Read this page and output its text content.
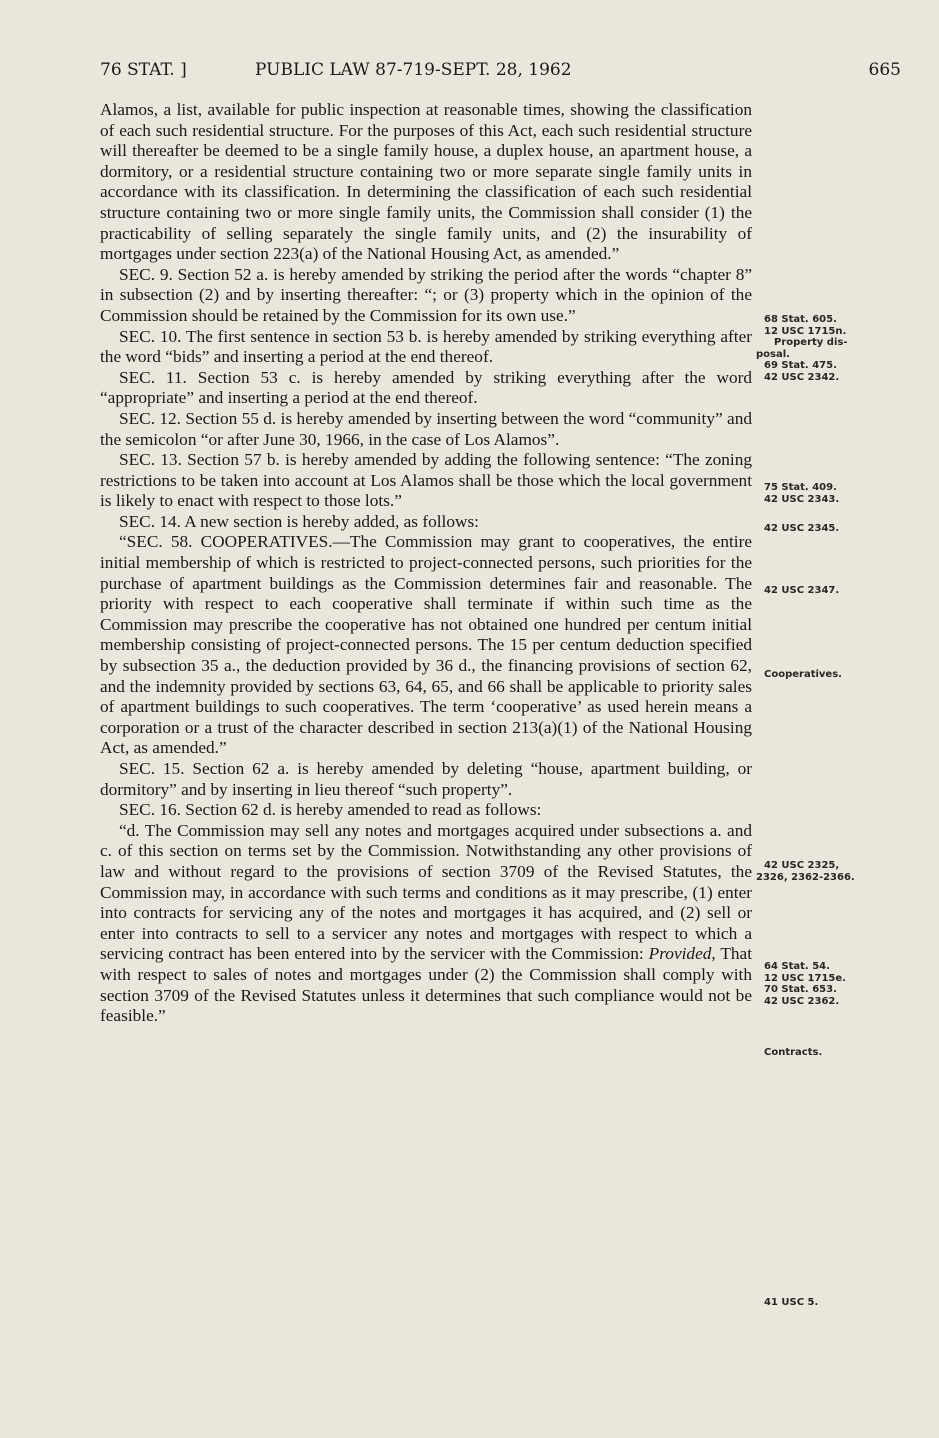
76 STAT. ]	PUBLIC LAW 87-719-SEPT. 28, 1962	665

Alamos, a list, available for public inspection at reasonable times, showing the classification of each such residential structure. For the purposes of this Act, each such residential structure will thereafter be deemed to be a single family house, a duplex house, an apartment house, a dormitory, or a residential structure containing two or more separate single family units in accordance with its classification. In determining the classification of each such residential structure containing two or more single family units, the Commission shall consider (1) the practicability of selling separately the single family units, and (2) the insurability of mortgages under section 223(a) of the National Housing Act, as amended.”

SEC. 9. Section 52 a. is hereby amended by striking the period after the words “chapter 8” in subsection (2) and by inserting thereafter: “; or (3) property which in the opinion of the Commission should be retained by the Commission for its own use.”

SEC. 10. The first sentence in section 53 b. is hereby amended by striking everything after the word “bids” and inserting a period at the end thereof.

SEC. 11. Section 53 c. is hereby amended by striking everything after the word “appropriate” and inserting a period at the end thereof.

SEC. 12. Section 55 d. is hereby amended by inserting between the word “community” and the semicolon “or after June 30, 1966, in the case of Los Alamos”.

SEC. 13. Section 57 b. is hereby amended by adding the following sentence: “The zoning restrictions to be taken into account at Los Alamos shall be those which the local government is likely to enact with respect to those lots.”

SEC. 14. A new section is hereby added, as follows:

“SEC. 58. COOPERATIVES.—The Commission may grant to cooperatives, the entire initial membership of which is restricted to project-connected persons, such priorities for the purchase of apartment buildings as the Commission determines fair and reasonable. The priority with respect to each cooperative shall terminate if within such time as the Commission may prescribe the cooperative has not obtained one hundred per centum initial membership consisting of project-connected persons. The 15 per centum deduction specified by subsection 35 a., the deduction provided by 36 d., the financing provisions of section 62, and the indemnity provided by sections 63, 64, 65, and 66 shall be applicable to priority sales of apartment buildings to such cooperatives. The term ‘cooperative’ as used herein means a corporation or a trust of the character described in section 213(a)(1) of the National Housing Act, as amended.”

SEC. 15. Section 62 a. is hereby amended by deleting “house, apartment building, or dormitory” and by inserting in lieu thereof “such property”.

SEC. 16. Section 62 d. is hereby amended to read as follows:

“d. The Commission may sell any notes and mortgages acquired under subsections a. and c. of this section on terms set by the Commission. Notwithstanding any other provisions of law and without regard to the provisions of section 3709 of the Revised Statutes, the Commission may, in accordance with such terms and conditions as it may prescribe, (1) enter into contracts for servicing any of the notes and mortgages it has acquired, and (2) sell or enter into contracts to sell to a servicer any notes and mortgages with respect to which a servicing contract has been entered into by the servicer with the Commission: Provided, That with respect to sales of notes and mortgages under (2) the Commission shall comply with section 3709 of the Revised Statutes unless it determines that such compliance would not be feasible.”

68 Stat. 605.
12 USC 1715n.
Property dis-
posal.
69 Stat. 475.
42 USC 2342.
75 Stat. 409.
42 USC 2343.
42 USC 2345.
42 USC 2347.
Cooperatives.
42 USC 2325,
2326, 2362-2366.
64 Stat. 54.
12 USC 1715e.
70 Stat. 653.
42 USC 2362.
Contracts.
41 USC 5.
